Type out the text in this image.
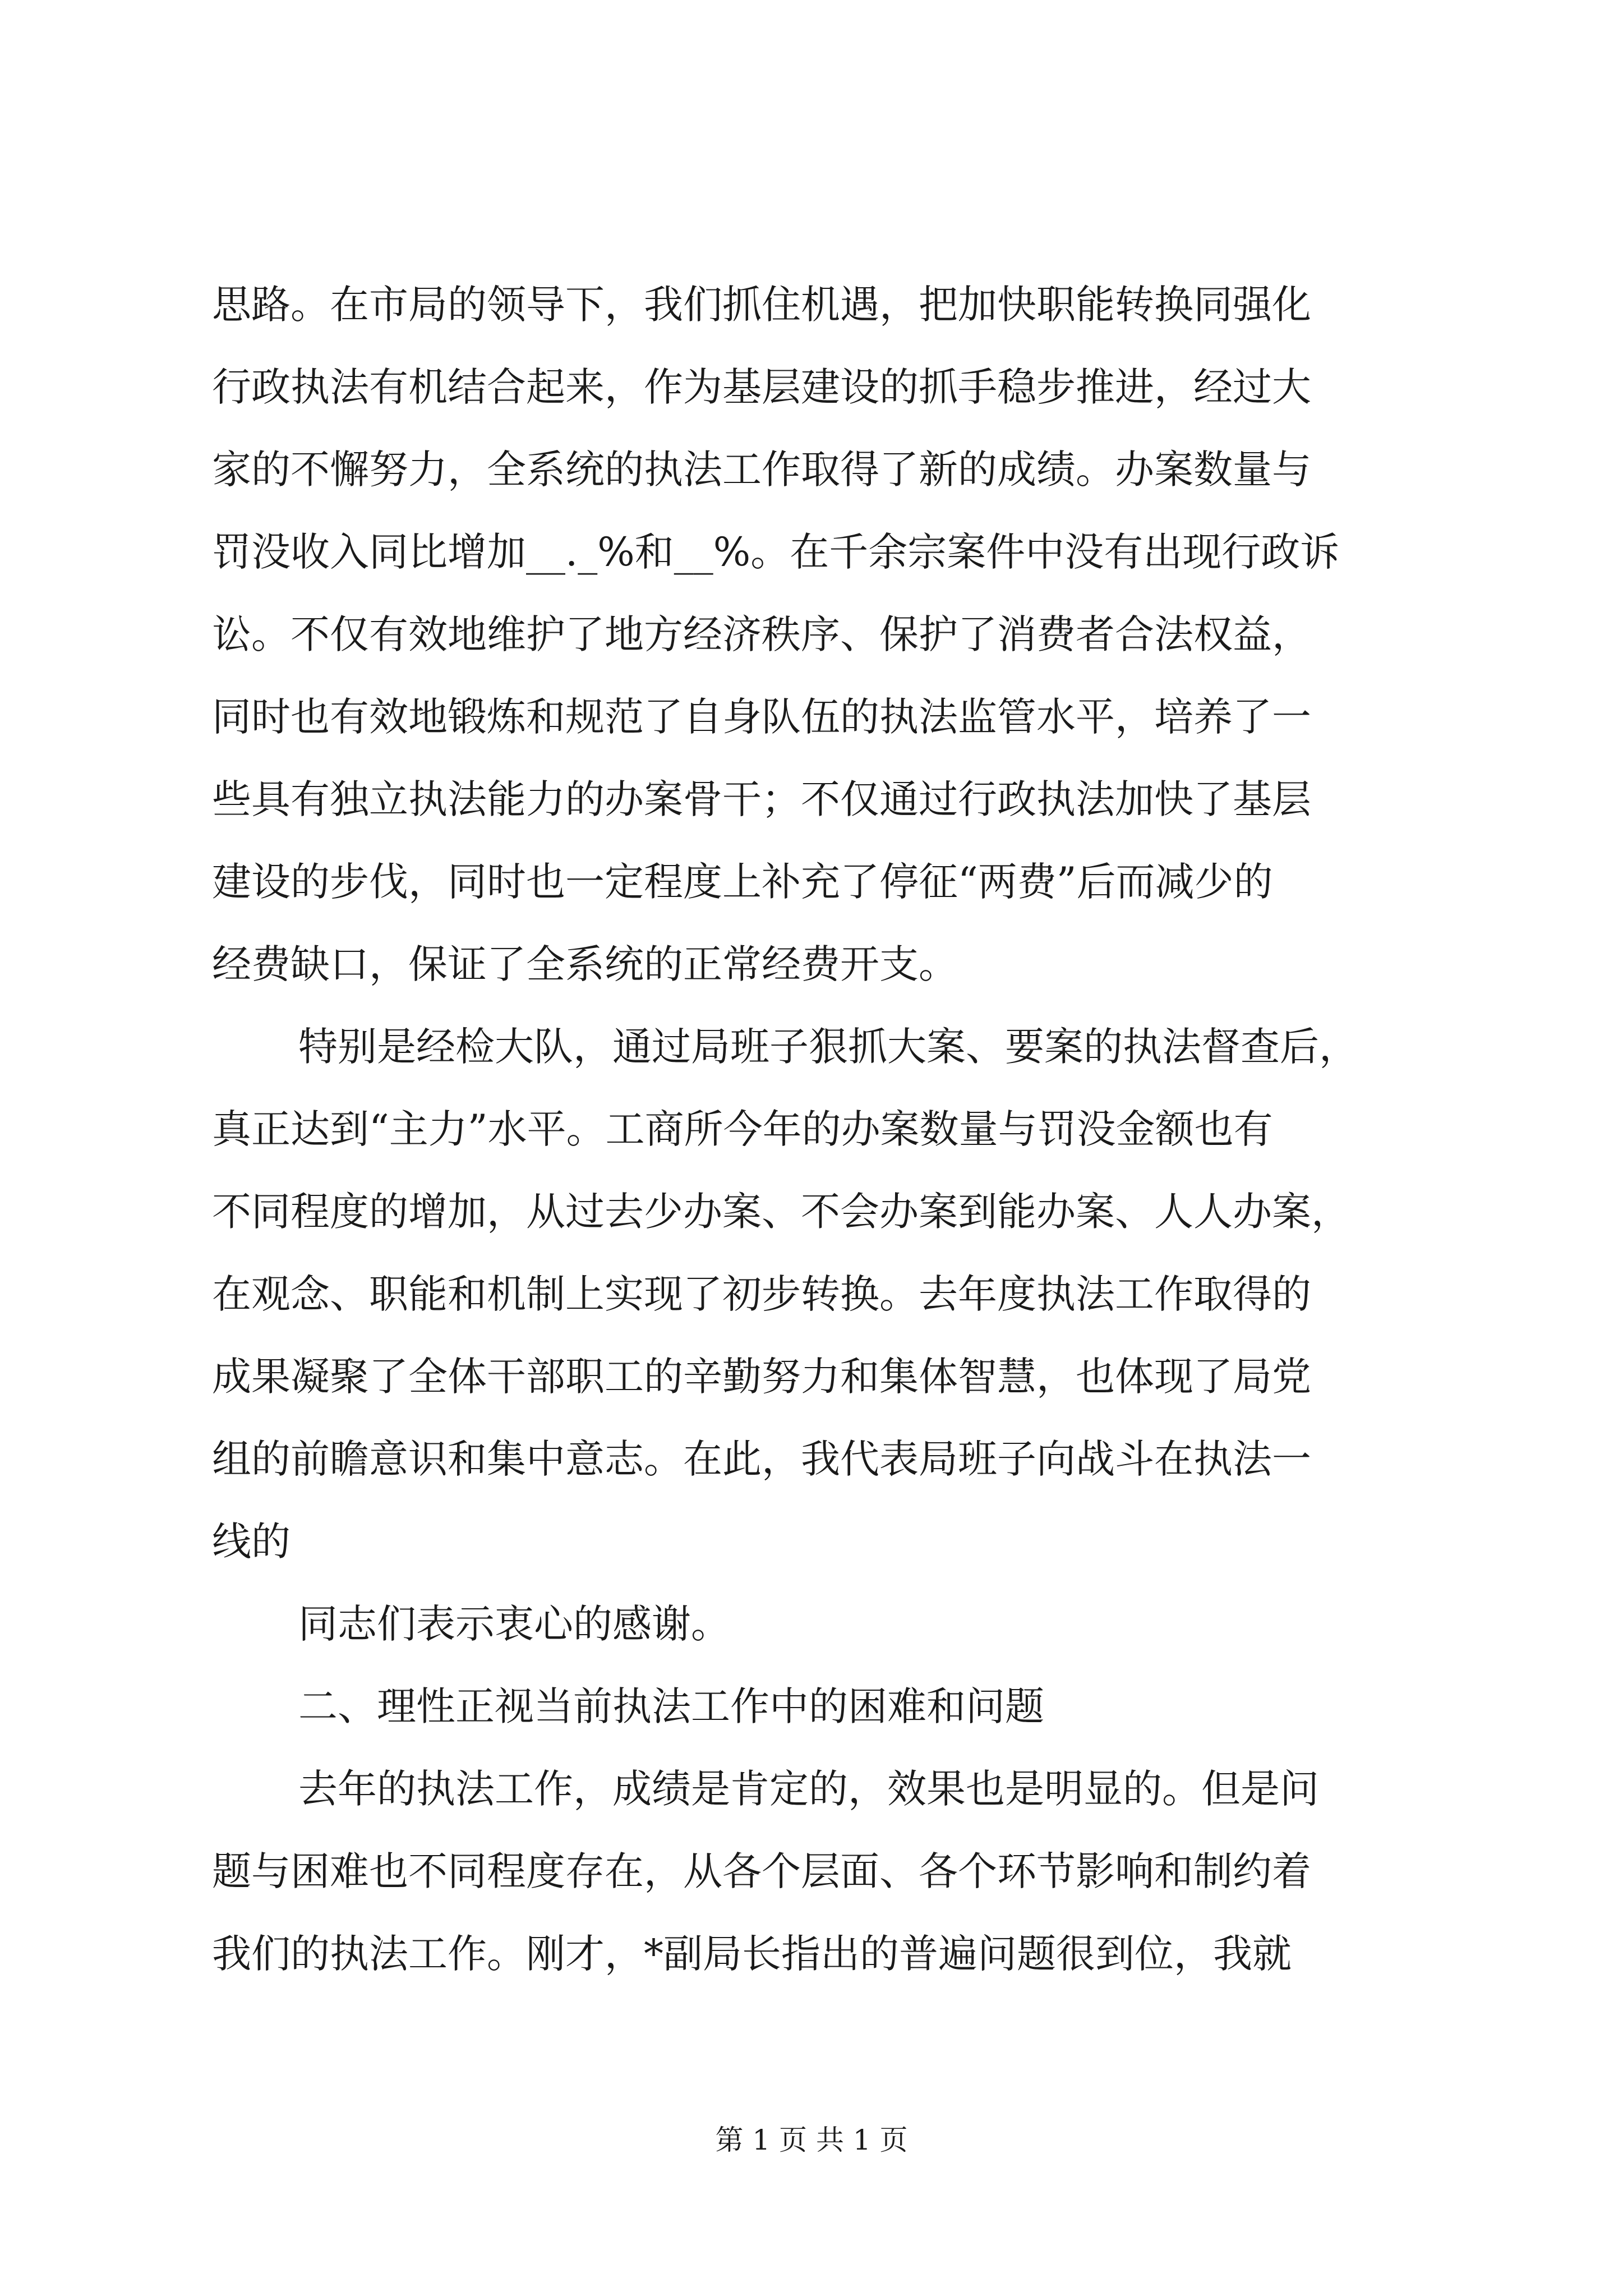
思路。在市局的领导下，我们抓住机遇，把加快职能转换同强化
行政执法有机结合起来，作为基层建设的抓手稳步推进，经过大
家的不懈努力，全系统的执法工作取得了新的成绩。办案数量与
罚没收入同比增加__._%和__%。在千余宗案件中没有出现行政诉
讼。不仅有效地维护了地方经济秩序、保护了消费者合法权益，
同时也有效地锻炼和规范了自身队伍的执法监管水平，培养了一
些具有独立执法能力的办案骨干；不仅通过行政执法加快了基层
建设的步伐，同时也一定程度上补充了停征“两费”后而减少的
经费缺口，保证了全系统的正常经费开支。
特别是经检大队，通过局班子狠抓大案、要案的执法督查后，
真正达到“主力”水平。工商所今年的办案数量与罚没金额也有
不同程度的增加，从过去少办案、不会办案到能办案、人人办案，
在观念、职能和机制上实现了初步转换。去年度执法工作取得的
成果凝聚了全体干部职工的辛勤努力和集体智慧，也体现了局党
组的前瞻意识和集中意志。在此，我代表局班子向战斗在执法一
线的
同志们表示衷心的感谢。
二、理性正视当前执法工作中的困难和问题
去年的执法工作，成绩是肯定的，效果也是明显的。但是问
题与困难也不同程度存在，从各个层面、各个环节影响和制约着
我们的执法工作。刚才，*副局长指出的普遍问题很到位，我就
第 1 页 共 1 页
